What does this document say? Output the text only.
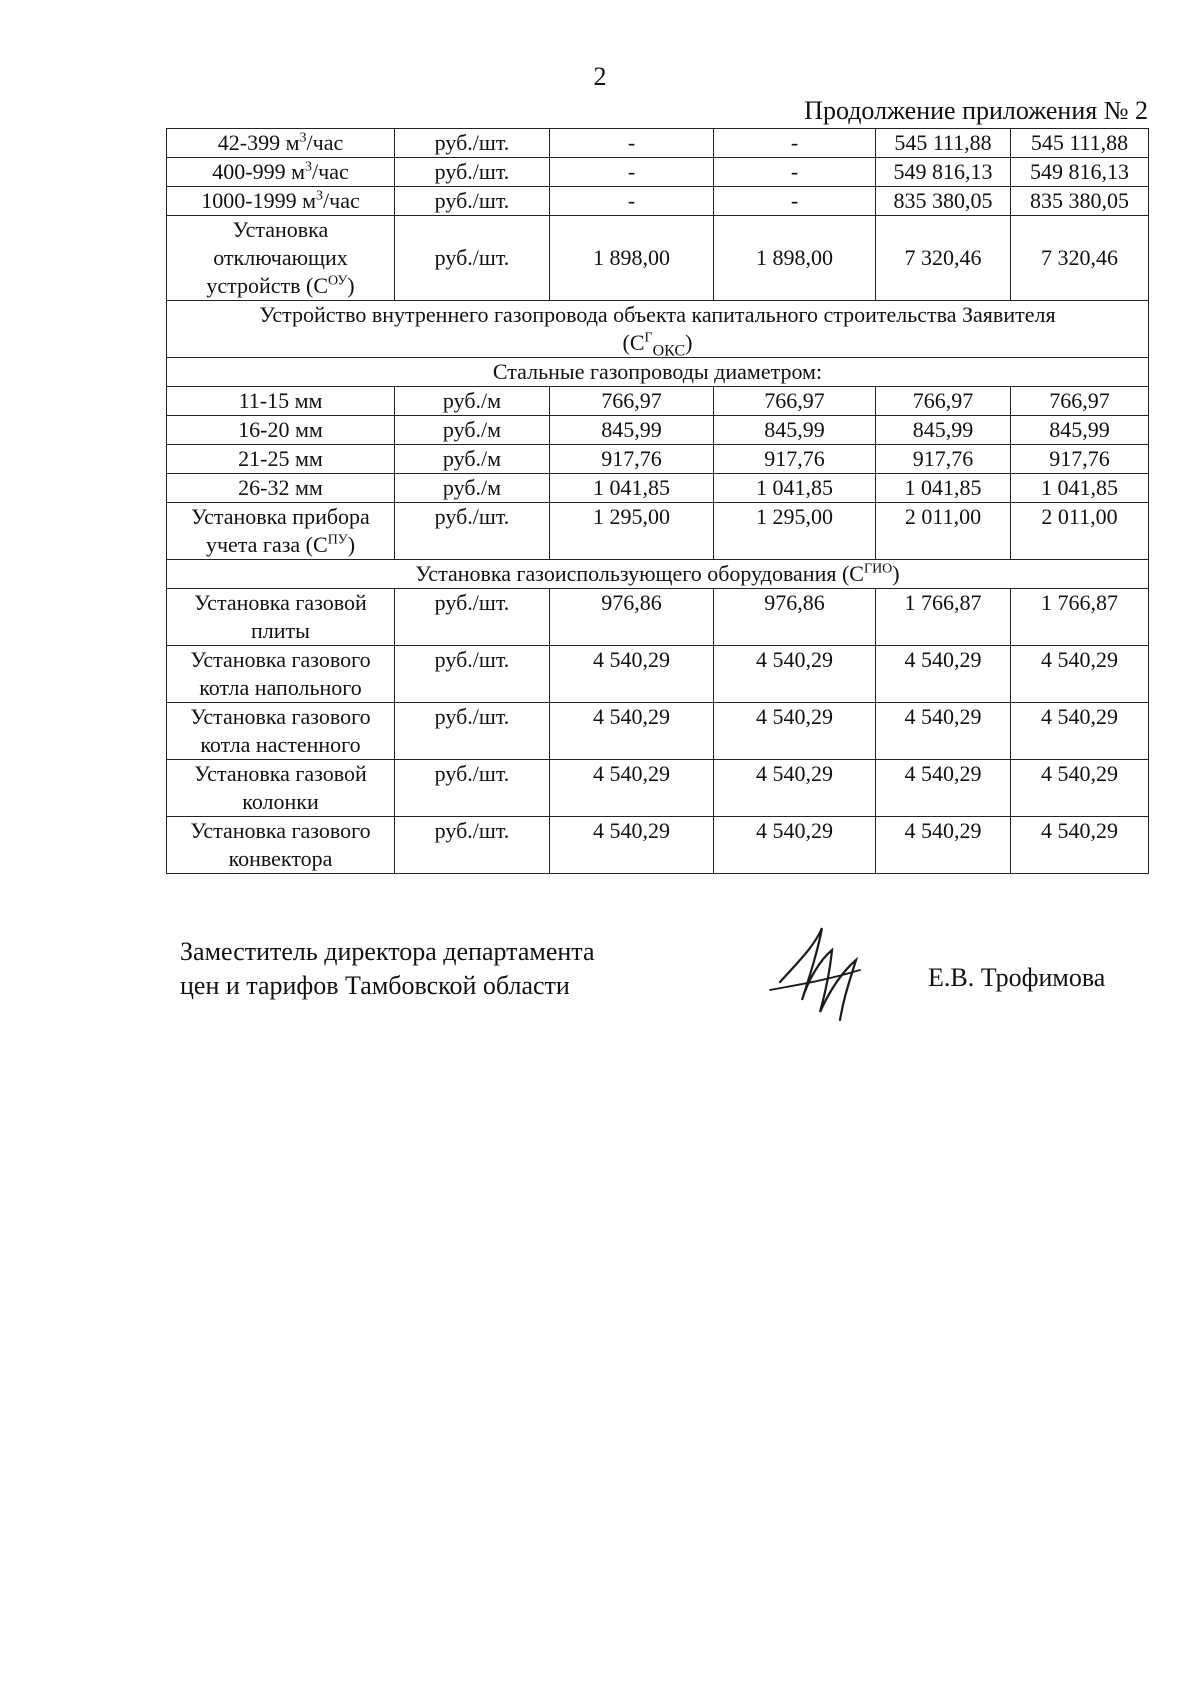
2
Продолжение приложения № 2
42-399 $м^3$/час	руб./шт.	-	-	545 111,88	545 111,88
400-999 $м^3$/час	руб./шт.	-	-	549 816,13	549 816,13
1000-1999 $м^3$/час	руб./шт.	-	-	835 380,05	835 380,05

Установка
отключающих
устройств $(С^{ОУ})$	руб./шт.	1 898,00	1 898,00	7 320,46	7 320,46

Устройство внутреннего газопровода объекта капитального строительства Заявителя
$(С^Г_{ОКС})$					

Стальные газопроводы диаметром:					
11-15 мм	руб./м	766,97	766,97	766,97	766,97
16-20 мм	руб./м	845,99	845,99	845,99	845,99
21-25 мм	руб./м	917,76	917,76	917,76	917,76
26-32 мм	руб./м	1 041,85	1 041,85	1 041,85	1 041,85

Установка прибора
учета газа $(С^{ПУ})$	руб./шт.	1 295,00	1 295,00	2 011,00	2 011,00
Установка газоиспользующего оборудования $(С^{ГИО})$					

Установка газовой
плиты	руб./шт.	976,86	976,86	1 766,87	1 766,87

Установка газового
котла напольного	руб./шт.	4 540,29	4 540,29	4 540,29	4 540,29

Установка газового
котла настенного	руб./шт.	4 540,29	4 540,29	4 540,29	4 540,29

Установка газовой
колонки	руб./шт.	4 540,29	4 540,29	4 540,29	4 540,29

Установка газового
конвектора	руб./шт.	4 540,29	4 540,29	4 540,29	4 540,29
Заместитель директора департамента
цен и тарифов Тамбовской области	Е.В. Трофимова
